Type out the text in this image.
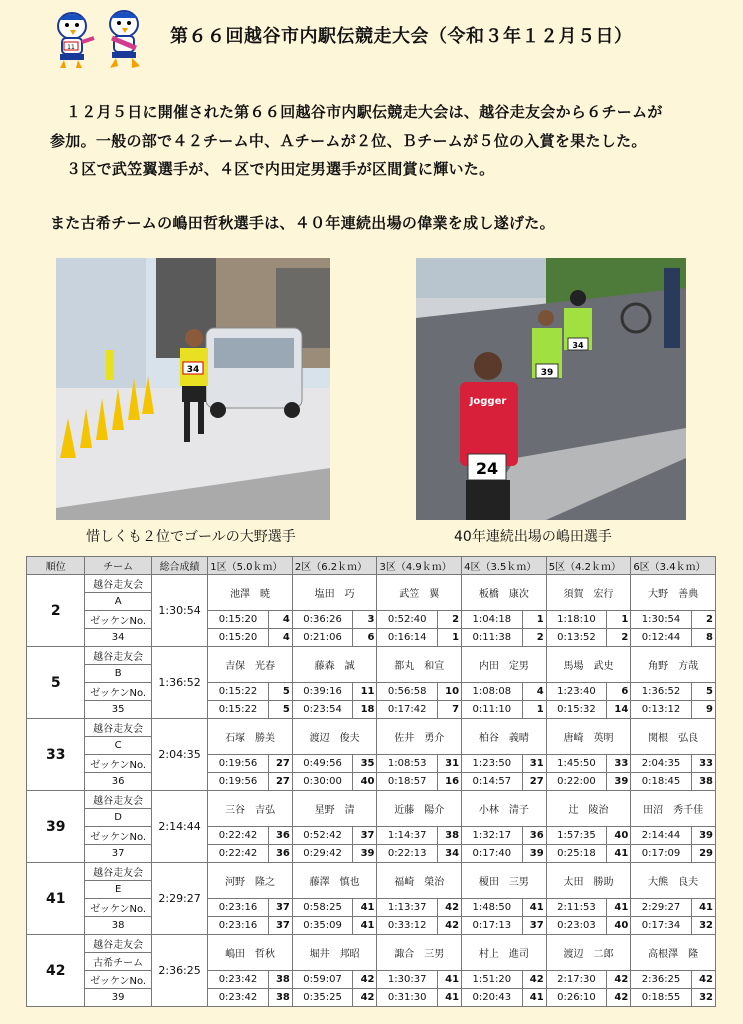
11
第６６回越谷市内駅伝競走大会（令和３年１２月５日）
１２月５日に開催された第６６回越谷市内駅伝競走大会は、越谷走友会から６チームが
参加。一般の部で４２チーム中、Ａチームが２位、Ｂチームが５位の入賞を果たした。
３区で武笠翼選手が、４区で内田定男選手が区間賞に輝いた。
また古希チームの嶋田哲秋選手は、４０年連続出場の偉業を成し遂げた。
34	39
34
Jogger
24
惜しくも２位でゴールの大野選手	40年連続出場の嶋田選手
順位	チーム	総合成績	1区（5.0ｋｍ）		2区（6.2ｋｍ）		3区（4.9ｋｍ）		4区（3.5ｋｍ）		5区（4.2ｋｍ）		6区（3.4ｋｍ）	
2	越谷走友会	1:30:54	池澤　暁		塩田　巧		武笠　翼		板橋　康次		須賀　宏行		大野　善典	
	A													
	ゼッケンNo.		0:15:20	4	0:36:26	3	0:52:40	2	1:04:18	1	1:18:10	1	1:30:54	2
	34		0:15:20	4	0:21:06	6	0:16:14	1	0:11:38	2	0:13:52	2	0:12:44	8
5	越谷走友会	1:36:52	吉保　光春		藤森　誠		都丸　和宣		内田　定男		馬場　武史		角野　方哉	
	B													
	ゼッケンNo.		0:15:22	5	0:39:16	11	0:56:58	10	1:08:08	4	1:23:40	6	1:36:52	5
	35		0:15:22	5	0:23:54	18	0:17:42	7	0:11:10	1	0:15:32	14	0:13:12	9
33	越谷走友会	2:04:35	石塚　勝美		渡辺　俊夫		佐井　勇介		柏谷　義晴		唐崎　英明		関根　弘良	
	C													
	ゼッケンNo.		0:19:56	27	0:49:56	35	1:08:53	31	1:23:50	31	1:45:50	33	2:04:35	33
	36		0:19:56	27	0:30:00	40	0:18:57	16	0:14:57	27	0:22:00	39	0:18:45	38
39	越谷走友会	2:14:44	三谷　吉弘		星野　清		近藤　陽介		小林　清子		辻　陵治		田沼　秀千佳	
	D													
	ゼッケンNo.		0:22:42	36	0:52:42	37	1:14:37	38	1:32:17	36	1:57:35	40	2:14:44	39
	37		0:22:42	36	0:29:42	39	0:22:13	34	0:17:40	39	0:25:18	41	0:17:09	29
41	越谷走友会	2:29:27	河野　隆之		藤澤　慎也		福崎　榮治		榎田　三男		太田　勝助		大熊　良夫	
	E													
	ゼッケンNo.		0:23:16	37	0:58:25	41	1:13:37	42	1:48:50	41	2:11:53	41	2:29:27	41
	38		0:23:16	37	0:35:09	41	0:33:12	42	0:17:13	37	0:23:03	40	0:17:34	32
42	越谷走友会	2:36:25	嶋田　哲秋		堀井　邦昭		諏合　三男		村上　進司		渡辺　二郎		高根澤　隆	
	古希チーム													
	ゼッケンNo.		0:23:42	38	0:59:07	42	1:30:37	41	1:51:20	42	2:17:30	42	2:36:25	42
	39		0:23:42	38	0:35:25	42	0:31:30	41	0:20:43	41	0:26:10	42	0:18:55	32
